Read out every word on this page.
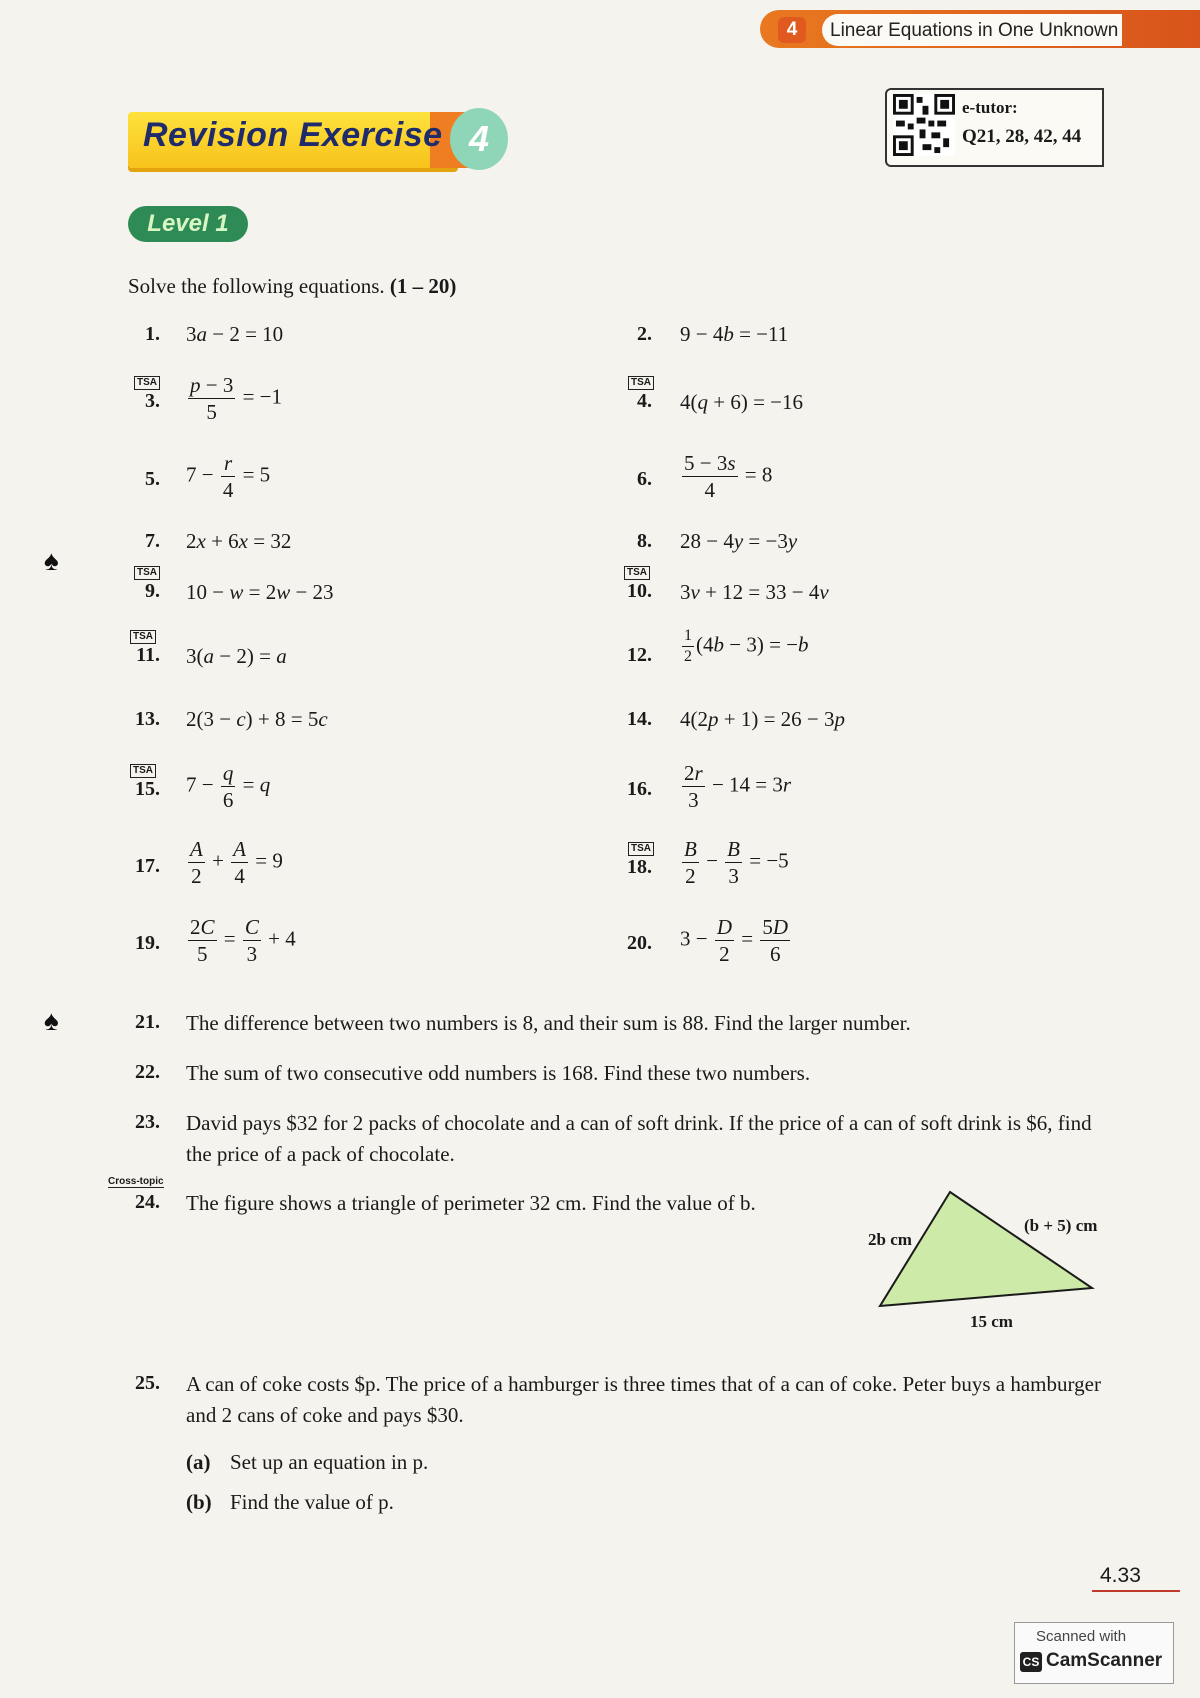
4	Linear Equations in One Unknown
e-tutor:
Q21, 28, 42, 44
Revision Exercise 4
Level 1
Solve the following equations. (1 – 20)
1. 3a − 2 = 10	2. 9 − 4b = −11
TSA
3. $\frac{p - 3}{5} = -1$
TSA
4. 4(q + 6) = −16
5. $7 - \frac{r}{4} = 5$	6. $\frac{5 - 3s}{4} = 8$
7. 2x + 6x = 32	8. 28 − 4y = −3y
TSA
9. 10 − w = 2w − 23
TSA
10. 3v + 12 = 33 − 4v
TSA
11. 3(a − 2) = a	12. $\frac{1}{2} (4b - 3) = -b$
13. 2(3 − c) + 8 = 5c	14. 4(2p + 1) = 26 − 3p
TSA
15. $7 - \frac{q}{6} = q$	16. $\frac{2r}{3} - 14 = 3r$
17. $\frac{A}{2} + \frac{A}{4} = 9$	TSA
18. $\frac{B}{2} - \frac{B}{3} = -5$
19. $\frac{2C}{5} = \frac{C}{3} + 4$	20. $3 - \frac{D}{2} = \frac{5D}{6}$
21. The difference between two numbers is 8, and their sum is 88. Find the larger number.
22. The sum of two consecutive odd numbers is 168. Find these two numbers.
23. David pays $32 for 2 packs of chocolate and a can of soft drink. If the price of a can of soft drink is $6, find the price of a pack of chocolate.
Cross-topic
24. The figure shows a triangle of perimeter 32 cm. Find the value of b.
2b cm
(b + 5) cm
15 cm
25. A can of coke costs $p. The price of a hamburger is three times that of a can of coke. Peter buys a hamburger and 2 cans of coke and pays $30.
(a) Set up an equation in p.
(b) Find the value of p.
♠
♠
4.33
Scanned with
CS CamScanner
